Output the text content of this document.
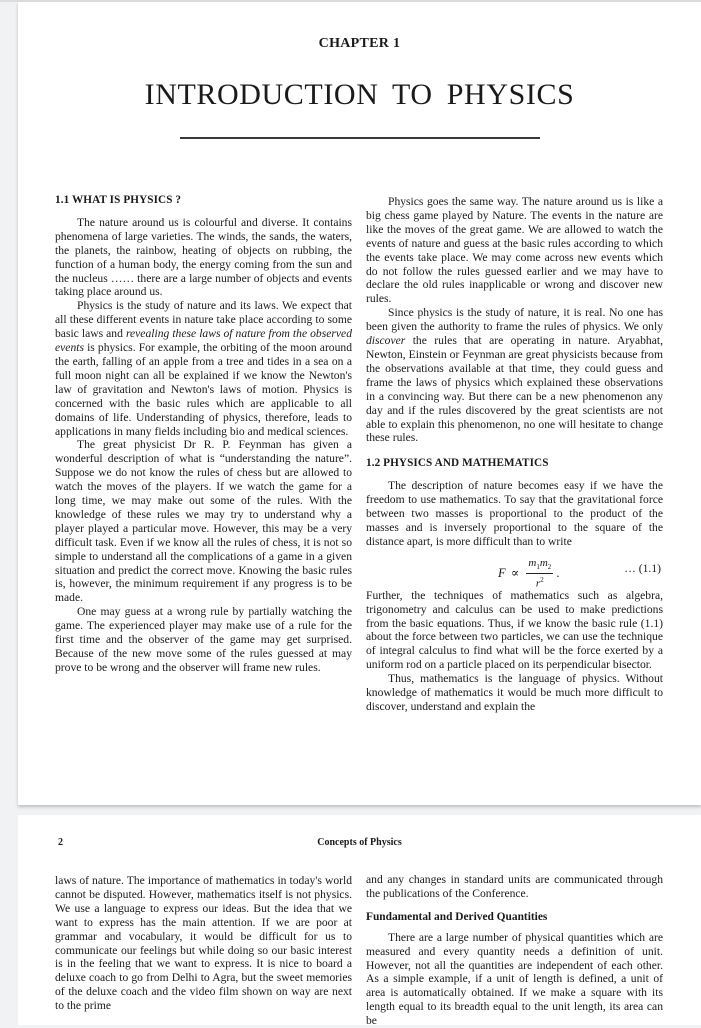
CHAPTER 1
INTRODUCTION TO PHYSICS
1.1 WHAT IS PHYSICS ?

The nature around us is colourful and diverse. It contains phenomena of large varieties. The winds, the sands, the waters, the planets, the rainbow, heating of objects on rubbing, the function of a human body, the energy coming from the sun and the nucleus …… there are a large number of objects and events taking place around us.

Physics is the study of nature and its laws. We expect that all these different events in nature take place according to some basic laws and revealing these laws of nature from the observed events is physics. For example, the orbiting of the moon around the earth, falling of an apple from a tree and tides in a sea on a full moon night can all be explained if we know the Newton's law of gravitation and Newton's laws of motion. Physics is concerned with the basic rules which are applicable to all domains of life. Understanding of physics, therefore, leads to applications in many fields including bio and medical sciences.

The great physicist Dr R. P. Feynman has given a wonderful description of what is “understanding the nature”. Suppose we do not know the rules of chess but are allowed to watch the moves of the players. If we watch the game for a long time, we may make out some of the rules. With the knowledge of these rules we may try to understand why a player played a particular move. However, this may be a very difficult task. Even if we know all the rules of chess, it is not so simple to understand all the complications of a game in a given situation and predict the correct move. Knowing the basic rules is, however, the minimum requirement if any progress is to be made.

One may guess at a wrong rule by partially watching the game. The experienced player may make use of a rule for the first time and the observer of the game may get surprised. Because of the new move some of the rules guessed at may prove to be wrong and the observer will frame new rules.

Physics goes the same way. The nature around us is like a big chess game played by Nature. The events in the nature are like the moves of the great game. We are allowed to watch the events of nature and guess at the basic rules according to which the events take place. We may come across new events which do not follow the rules guessed earlier and we may have to declare the old rules inapplicable or wrong and discover new rules.

Since physics is the study of nature, it is real. No one has been given the authority to frame the rules of physics. We only discover the rules that are operating in nature. Aryabhat, Newton, Einstein or Feynman are great physicists because from the observations available at that time, they could guess and frame the laws of physics which explained these observations in a convincing way. But there can be a new phenomenon any day and if the rules discovered by the great scientists are not able to explain this phenomenon, no one will hesitate to change these rules.

1.2 PHYSICS AND MATHEMATICS

The description of nature becomes easy if we have the freedom to use mathematics. To say that the gravitational force between two masses is proportional to the product of the masses and is inversely proportional to the square of the distance apart, is more difficult than to write

$F \propto \frac{m_1m_2}{r^2}$ .	… (1.1)

Further, the techniques of mathematics such as algebra, trigonometry and calculus can be used to make predictions from the basic equations. Thus, if we know the basic rule (1.1) about the force between two particles, we can use the technique of integral calculus to find what will be the force exerted by a uniform rod on a particle placed on its perpendicular bisector.

Thus, mathematics is the language of physics. Without knowledge of mathematics it would be much more difficult to discover, understand and explain the

2	Concepts of Physics

laws of nature. The importance of mathematics in today's world cannot be disputed. However, mathematics itself is not physics. We use a language to express our ideas. But the idea that we want to express has the main attention. If we are poor at grammar and vocabulary, it would be difficult for us to communicate our feelings but while doing so our basic interest is in the feeling that we want to express. It is nice to board a deluxe coach to go from Delhi to Agra, but the sweet memories of the deluxe coach and the video film shown on way are next to the prime

and any changes in standard units are communicated through the publications of the Conference.

Fundamental and Derived Quantities

There are a large number of physical quantities which are measured and every quantity needs a definition of unit. However, not all the quantities are independent of each other. As a simple example, if a unit of length is defined, a unit of area is automatically obtained. If we make a square with its length equal to its breadth equal to the unit length, its area can be
